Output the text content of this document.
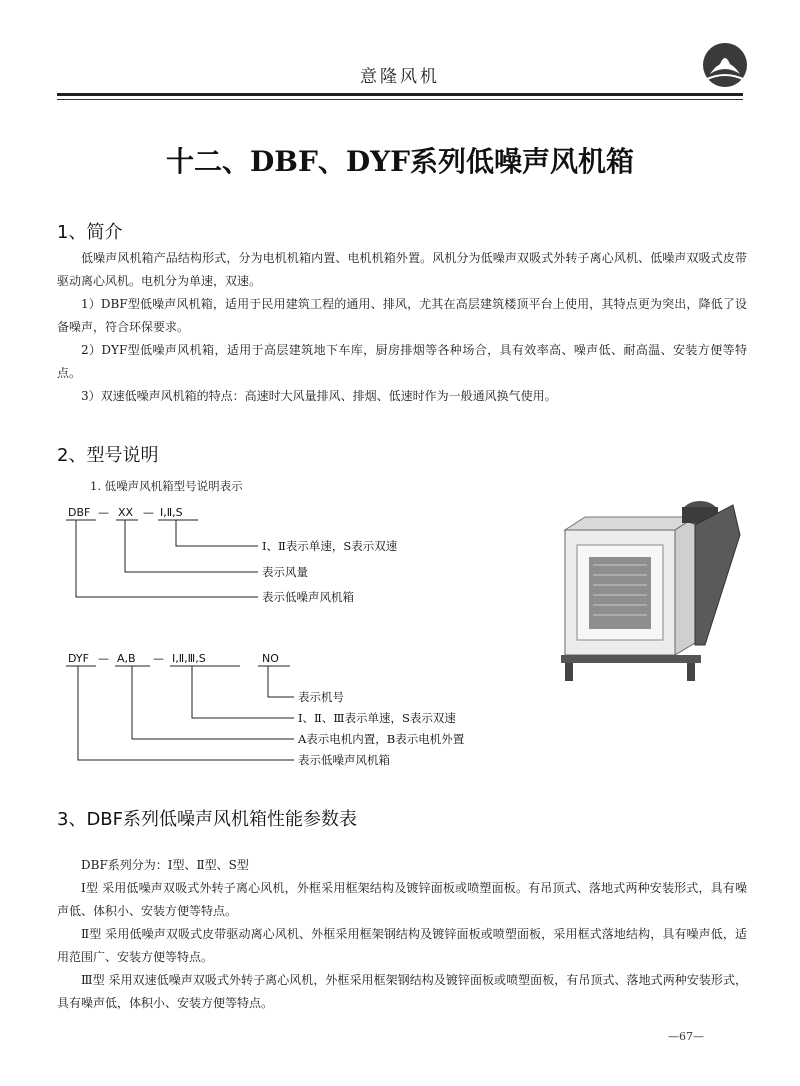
意隆风机
十二、DBF、DYF系列低噪声风机箱
1、简介
低噪声风机箱产品结构形式，分为电机机箱内置、电机机箱外置。风机分为低噪声双吸式外转子离心风机、低噪声双吸式皮带驱动离心风机。电机分为单速，双速。
1）DBF型低噪声风机箱，适用于民用建筑工程的通用、排风，尤其在高层建筑楼顶平台上使用，其特点更为突出，降低了设备噪声，符合环保要求。
2）DYF型低噪声风机箱，适用于高层建筑地下车库，厨房排烟等各种场合，具有效率高、噪声低、耐高温、安装方便等特点。
3）双速低噪声风机箱的特点：高速时大风量排风、排烟、低速时作为一般通风换气使用。
2、型号说明
1. 低噪声风机箱型号说明表示
DBF — XX — Ⅰ,Ⅱ,S
Ⅰ、Ⅱ表示单速，S表示双速
表示风量
表示低噪声风机箱
DYF — A,B — Ⅰ,Ⅱ,Ⅲ,S	NO
表示机号
Ⅰ、Ⅱ、Ⅲ表示单速，S表示双速
A表示电机内置，B表示电机外置
表示低噪声风机箱
3、DBF系列低噪声风机箱性能参数表
DBF系列分为：Ⅰ型、Ⅱ型、S型
Ⅰ型 采用低噪声双吸式外转子离心风机，外框采用框架结构及镀锌面板或喷塑面板。有吊顶式、落地式两种安装形式，具有噪声低、体积小、安装方便等特点。
Ⅱ型 采用低噪声双吸式皮带驱动离心风机、外框采用框架钢结构及镀锌面板或喷塑面板，采用框式落地结构，具有噪声低，适用范围广、安装方便等特点。
Ⅲ型 采用双速低噪声双吸式外转子离心风机，外框采用框架钢结构及镀锌面板或喷塑面板，有吊顶式、落地式两种安装形式，具有噪声低，体积小、安装方便等特点。
—67—
